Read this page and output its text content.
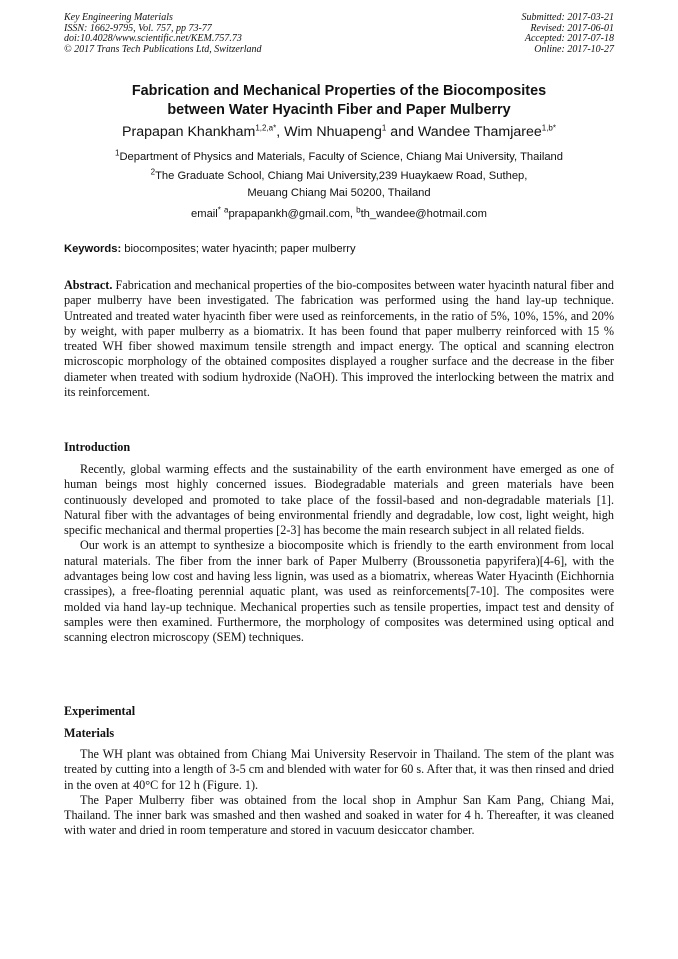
Key Engineering Materials
ISSN: 1662-9795, Vol. 757, pp 73-77
doi:10.4028/www.scientific.net/KEM.757.73
© 2017 Trans Tech Publications Ltd, Switzerland
Submitted: 2017-03-21
Revised: 2017-06-01
Accepted: 2017-07-18
Online: 2017-10-27
Fabrication and Mechanical Properties of the Biocomposites
between Water Hyacinth Fiber and Paper Mulberry
Prapapan Khankham$^{1,2,a*}$, Wim Nhuapeng$^1$ and Wandee Thamjaree$^{1,b*}$
$^1$Department of Physics and Materials, Faculty of Science, Chiang Mai University, Thailand
$^2$The Graduate School, Chiang Mai University,239 Huaykaew Road, Suthep,
Meuang Chiang Mai 50200, Thailand
email* $^a$prapapankh@gmail.com, $^b$th_wandee@hotmail.com
Keywords: biocomposites; water hyacinth; paper mulberry

Abstract. Fabrication and mechanical properties of the bio-composites between water hyacinth natural fiber and paper mulberry have been investigated. The fabrication was performed using the hand lay-up technique. Untreated and treated water hyacinth fiber were used as reinforcements, in the ratio of 5%, 10%, 15%, and 20% by weight, with paper mulberry as a biomatrix. It has been found that paper mulberry reinforced with 15 % treated WH fiber showed maximum tensile strength and impact energy. The optical and scanning electron microscopic morphology of the obtained composites displayed a rougher surface and the decrease in the fiber diameter when treated with sodium hydroxide (NaOH). This improved the interlocking between the matrix and its reinforcement.

Introduction

Recently, global warming effects and the sustainability of the earth environment have emerged as one of human beings most highly concerned issues. Biodegradable materials and green materials have been continuously developed and promoted to take place of the fossil-based and non-degradable materials [1]. Natural fiber with the advantages of being environmental friendly and degradable, low cost, light weight, high specific mechanical and thermal properties [2-3] has become the main research subject in all related fields.

Our work is an attempt to synthesize a biocomposite which is friendly to the earth environment from local natural materials. The fiber from the inner bark of Paper Mulberry (Broussonetia papyrifera)[4-6], with the advantages being low cost and having less lignin, was used as a biomatrix, whereas Water Hyacinth (Eichhornia crassipes), a free-floating perennial aquatic plant, was used as reinforcements[7-10]. The composites were molded via hand lay-up technique. Mechanical properties such as tensile properties, impact test and density of samples were then examined. Furthermore, the morphology of composites was determined using optical and scanning electron microscopy (SEM) techniques.

Experimental
Materials

The WH plant was obtained from Chiang Mai University Reservoir in Thailand. The stem of the plant was treated by cutting into a length of 3-5 cm and blended with water for 60 s. After that, it was then rinsed and dried in the oven at 40°C for 12 h (Figure. 1).

The Paper Mulberry fiber was obtained from the local shop in Amphur San Kam Pang, Chiang Mai, Thailand. The inner bark was smashed and then washed and soaked in water for 4 h. Thereafter, it was cleaned with water and dried in room temperature and stored in vacuum desiccator chamber.
